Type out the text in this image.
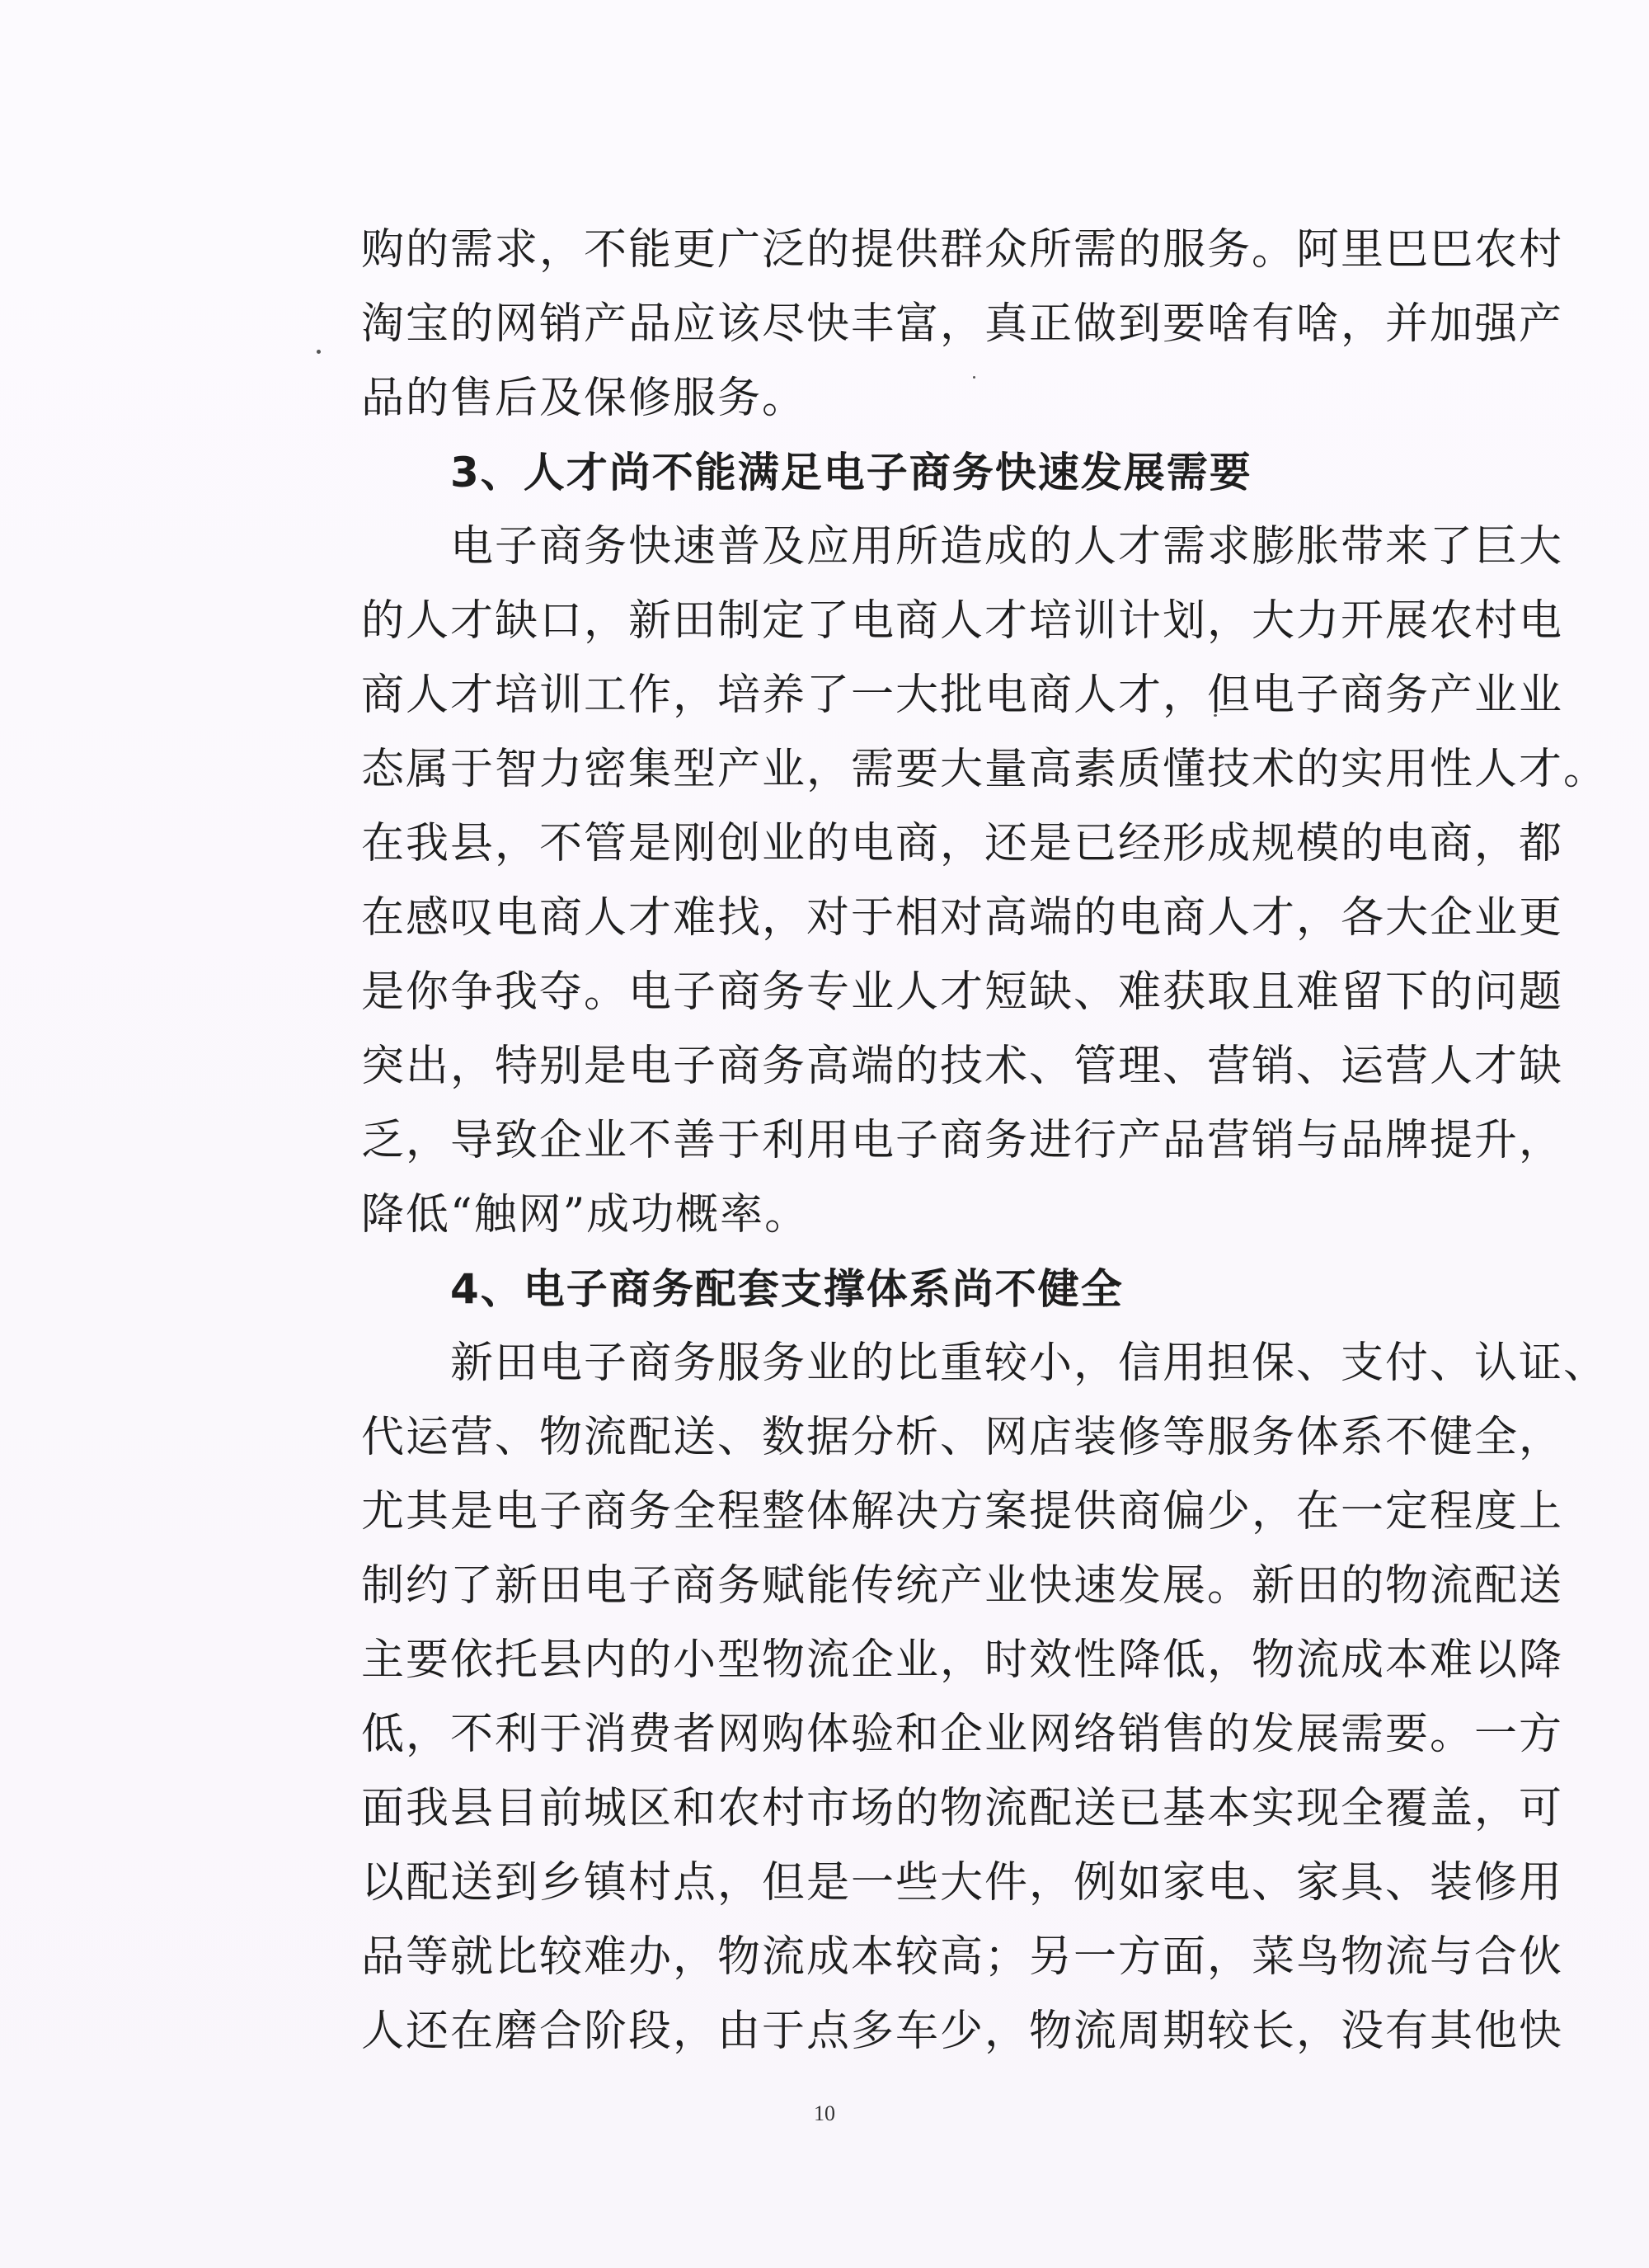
购的需求，不能更广泛的提供群众所需的服务。阿里巴巴农村
淘宝的网销产品应该尽快丰富，真正做到要啥有啥，并加强产
品的售后及保修服务。
3、人才尚不能满足电子商务快速发展需要
电子商务快速普及应用所造成的人才需求膨胀带来了巨大
的人才缺口，新田制定了电商人才培训计划，大力开展农村电
商人才培训工作，培养了一大批电商人才，但电子商务产业业
态属于智力密集型产业，需要大量高素质懂技术的实用性人才。
在我县，不管是刚创业的电商，还是已经形成规模的电商，都
在感叹电商人才难找，对于相对高端的电商人才，各大企业更
是你争我夺。电子商务专业人才短缺、难获取且难留下的问题
突出，特别是电子商务高端的技术、管理、营销、运营人才缺
乏，导致企业不善于利用电子商务进行产品营销与品牌提升，
降低“触网”成功概率。
4、电子商务配套支撑体系尚不健全
新田电子商务服务业的比重较小，信用担保、支付、认证、
代运营、物流配送、数据分析、网店装修等服务体系不健全，
尤其是电子商务全程整体解决方案提供商偏少，在一定程度上
制约了新田电子商务赋能传统产业快速发展。新田的物流配送
主要依托县内的小型物流企业，时效性降低，物流成本难以降
低，不利于消费者网购体验和企业网络销售的发展需要。一方
面我县目前城区和农村市场的物流配送已基本实现全覆盖，可
以配送到乡镇村点，但是一些大件，例如家电、家具、装修用
品等就比较难办，物流成本较高；另一方面，菜鸟物流与合伙
人还在磨合阶段，由于点多车少，物流周期较长，没有其他快
10
